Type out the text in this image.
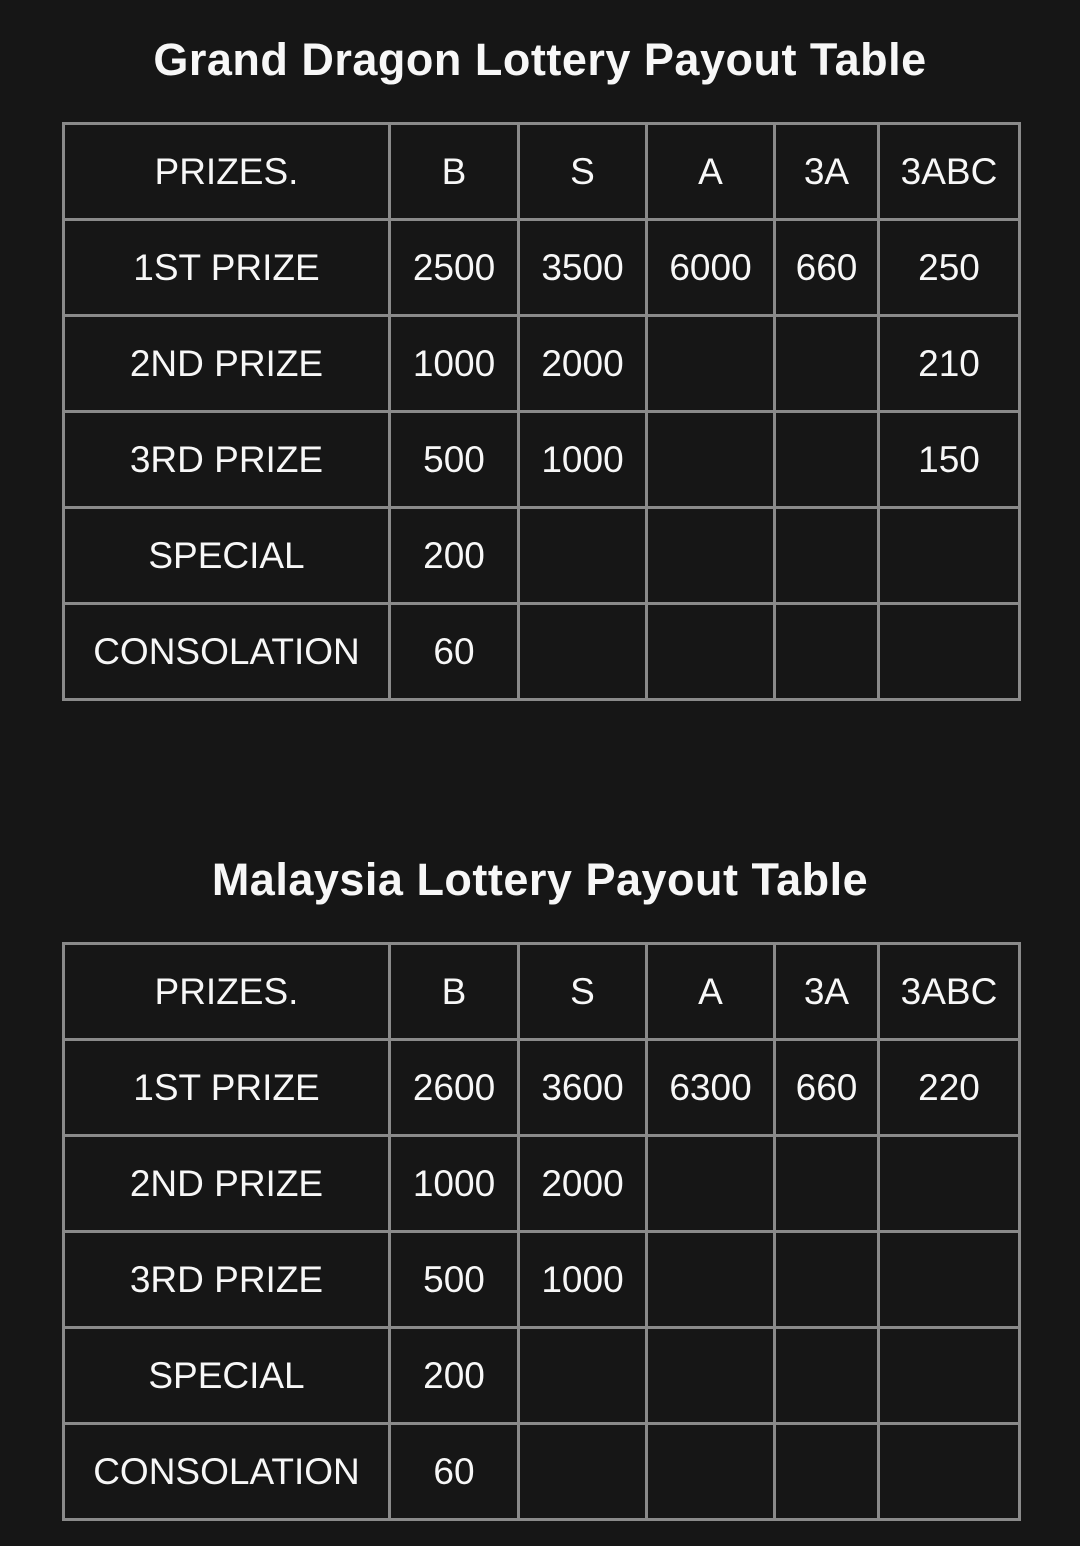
Grand Dragon Lottery Payout Table
PRIZES.	B	S	A	3A	3ABC
1ST PRIZE	2500	3500	6000	660	250
2ND PRIZE	1000	2000			210
3RD PRIZE	500	1000			150
SPECIAL	200				
CONSOLATION	60				
Malaysia Lottery Payout Table
PRIZES.	B	S	A	3A	3ABC
1ST PRIZE	2600	3600	6300	660	220
2ND PRIZE	1000	2000			
3RD PRIZE	500	1000			
SPECIAL	200				
CONSOLATION	60				
